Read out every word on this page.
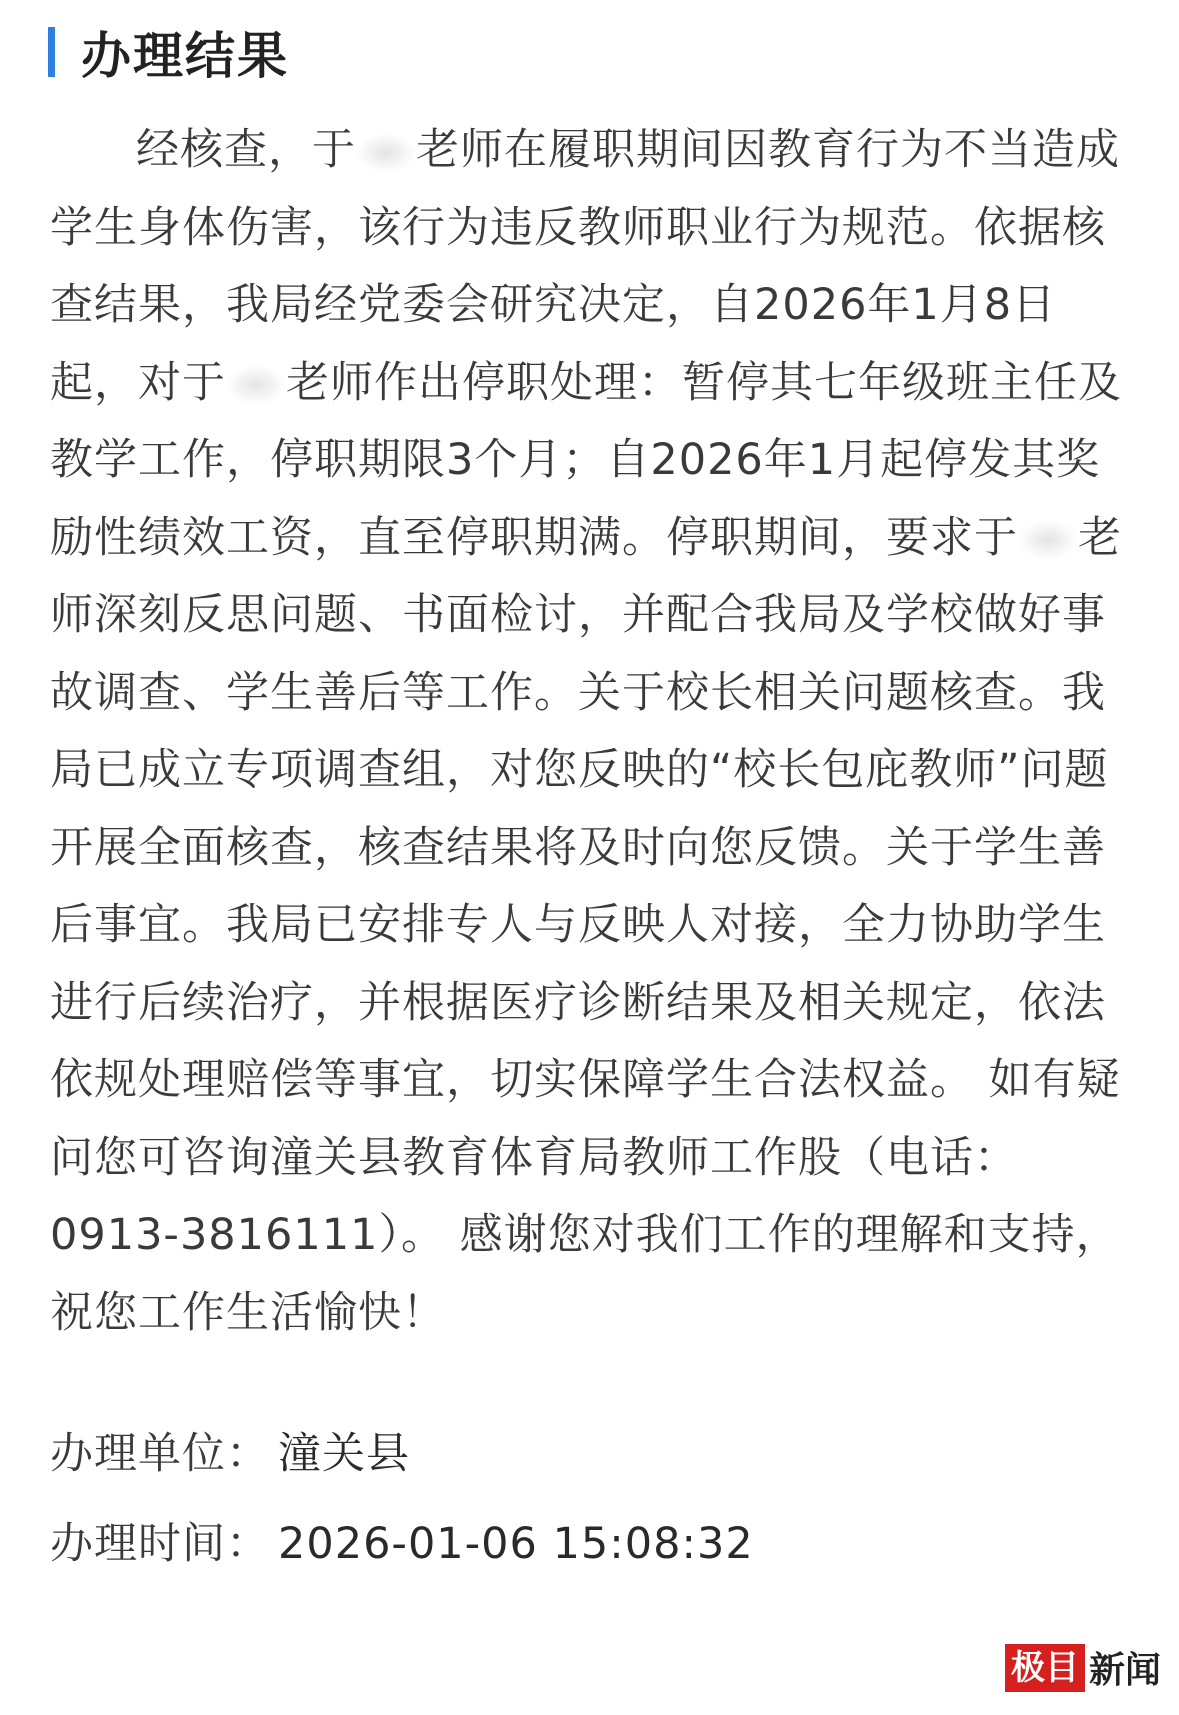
办理结果

经核查，于 老师在履职期间因教育行为不当造成学生身体伤害，该行为违反教师职业行为规范。依据核查结果，我局经党委会研究决定，自2026年1月8日起，对于 老师作出停职处理：暂停其七年级班主任及教学工作，停职期限3个月；自2026年1月起停发其奖励性绩效工资，直至停职期满。停职期间，要求于 老师深刻反思问题、书面检讨，并配合我局及学校做好事故调查、学生善后等工作。关于校长相关问题核查。我局已成立专项调查组，对您反映的“校长包庇教师”问题开展全面核查，核查结果将及时向您反馈。关于学生善后事宜。我局已安排专人与反映人对接，全力协助学生进行后续治疗，并根据医疗诊断结果及相关规定，依法依规处理赔偿等事宜，切实保障学生合法权益。 如有疑问您可咨询潼关县教育体育局教师工作股（电话：0913-3816111）。 感谢您对我们工作的理解和支持，祝您工作生活愉快！

办理单位： 潼关县
办理时间： 2026-01-06 15:08:32
极目 新闻
